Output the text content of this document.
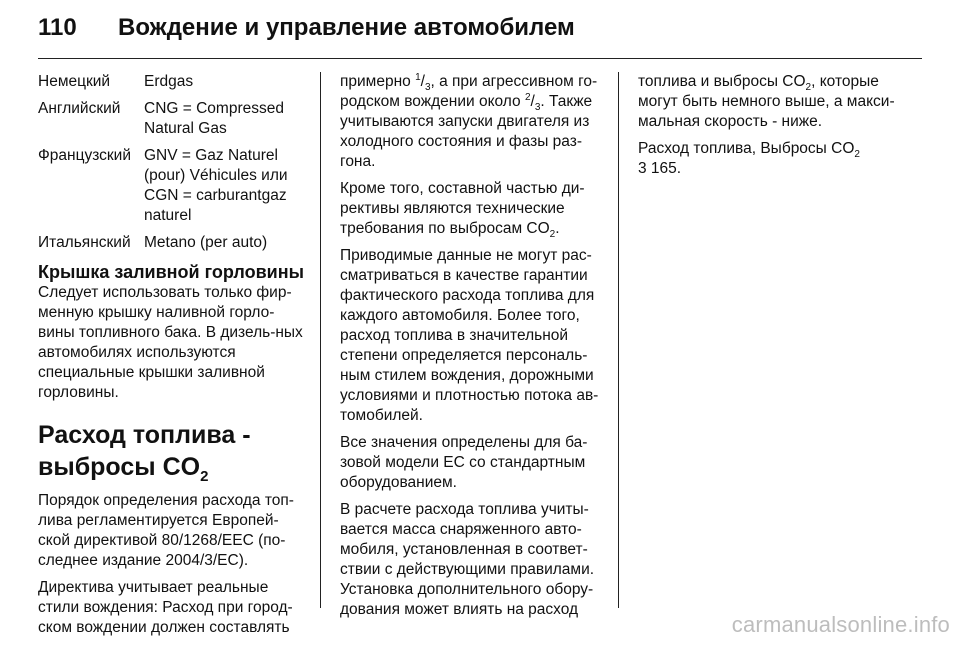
110	Вождение и управление автомобилем
Немецкий	Erdgas
Английский	CNG = Compressed Natural Gas
Французский GNV = Gaz Naturel (pour) Véhicules или CGN = carburantgaz naturel
Итальянский Metano (per auto)
Крышка заливной горловины

Следует использовать только фир-менную крышку наливной горло-вины топливного бака. В дизель-ных автомобилях используются специальные крышки заливной горловины.

Расход топлива -
выбросы $CO_2$

Порядок определения расхода топ-лива регламентируется Европей-ской директивой 80/1268/EEC (по-следнее издание 2004/3/EC).

Директива учитывает реальные стили вождения: Расход при город-ском вождении должен составлять

примерно $^1/_3$, а при агрессивном го-родском вождении около $^2/_3$. Также учитываются запуски двигателя из холодного состояния и фазы раз-гона.

Кроме того, составной частью ди-рективы являются технические требования по выбросам $CO_2$.

Приводимые данные не могут рас-сматриваться в качестве гарантии фактического расхода топлива для каждого автомобиля. Более того, расход топлива в значительной степени определяется персональ-ным стилем вождения, дорожными условиями и плотностью потока ав-томобилей.

Все значения определены для ба-зовой модели EC со стандартным оборудованием.

В расчете расхода топлива учиты-вается масса снаряженного авто-мобиля, установленная в соответ-ствии с действующими правилами. Установка дополнительного обору-дования может влиять на расход

топлива и выбросы $CO_2$, которые могут быть немного выше, а макси-мальная скорость - ниже.

Расход топлива, Выбросы $CO_2$
3 165.

carmanualsonline.info
